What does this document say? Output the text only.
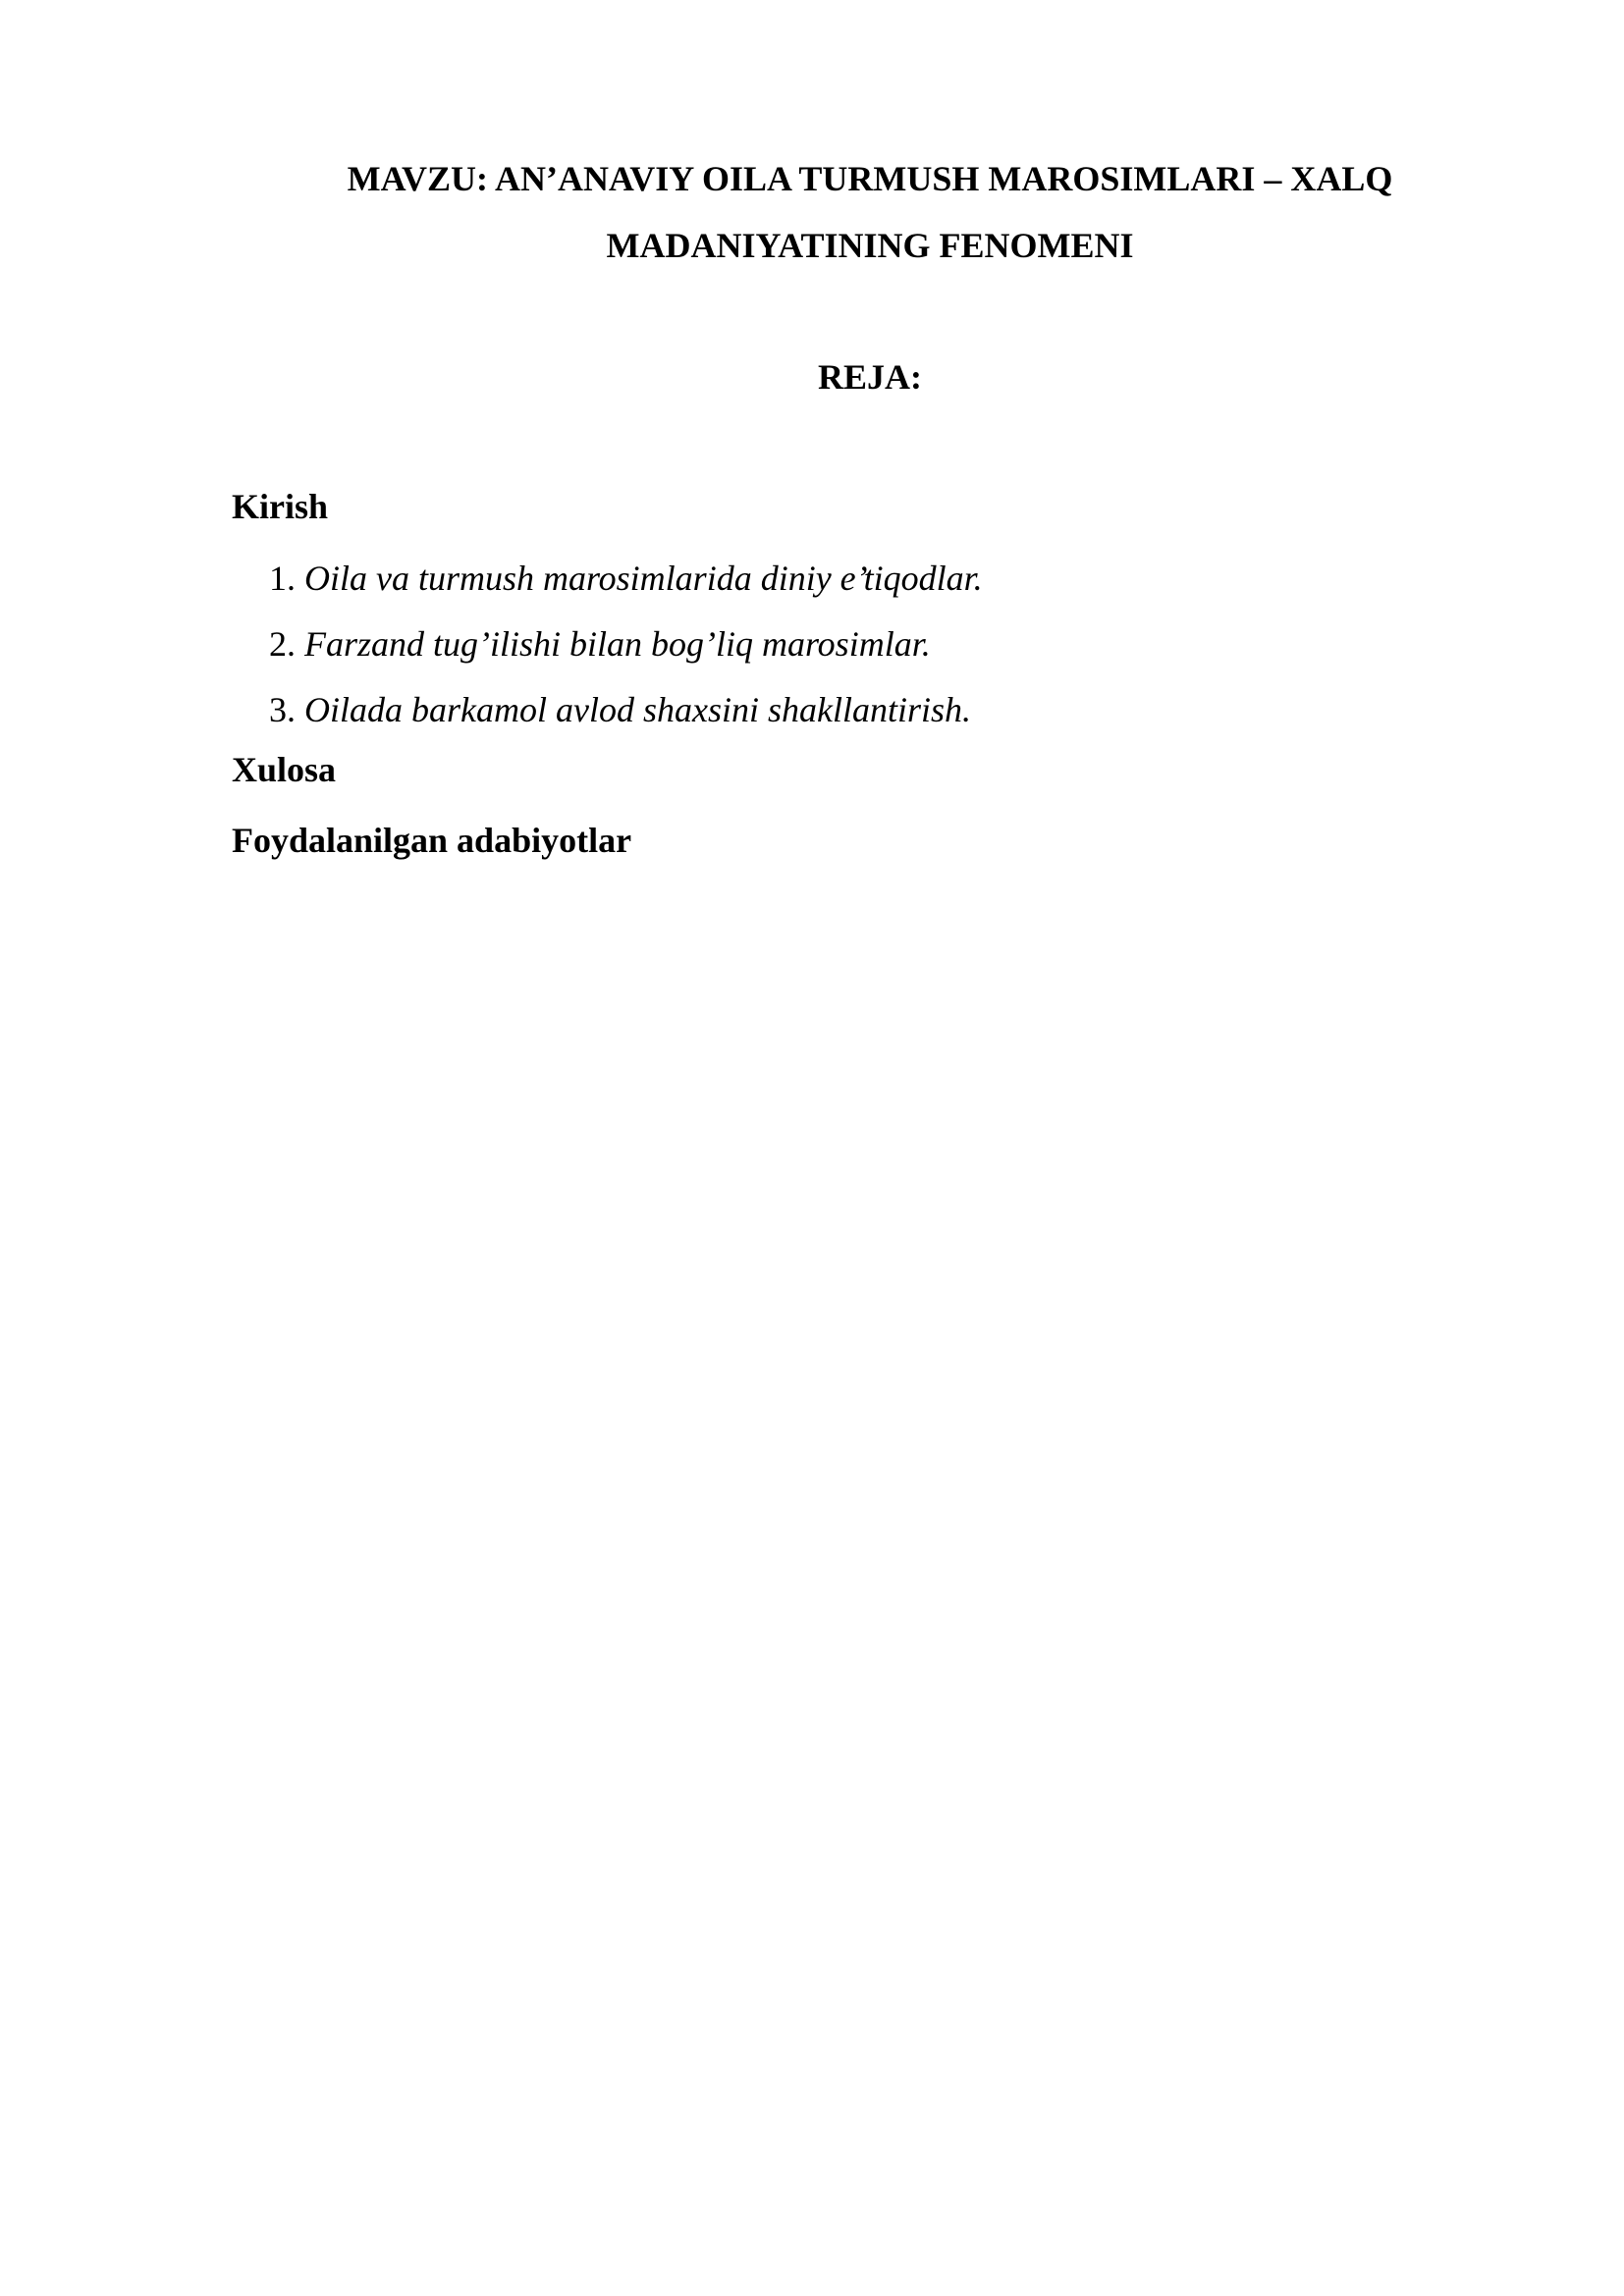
MAVZU: AN’ANAVIY OILA TURMUSH MAROSIMLARI – XALQ
MADANIYATINING FENOMENI
REJA:

Kirish

1. Oila va turmush marosimlarida diniy e’tiqodlar.
2. Farzand tug’ilishi bilan bog’liq marosimlar.
3. Oilada barkamol avlod shaxsini shakllantirish.

Xulosa

Foydalanilgan adabiyotlar
